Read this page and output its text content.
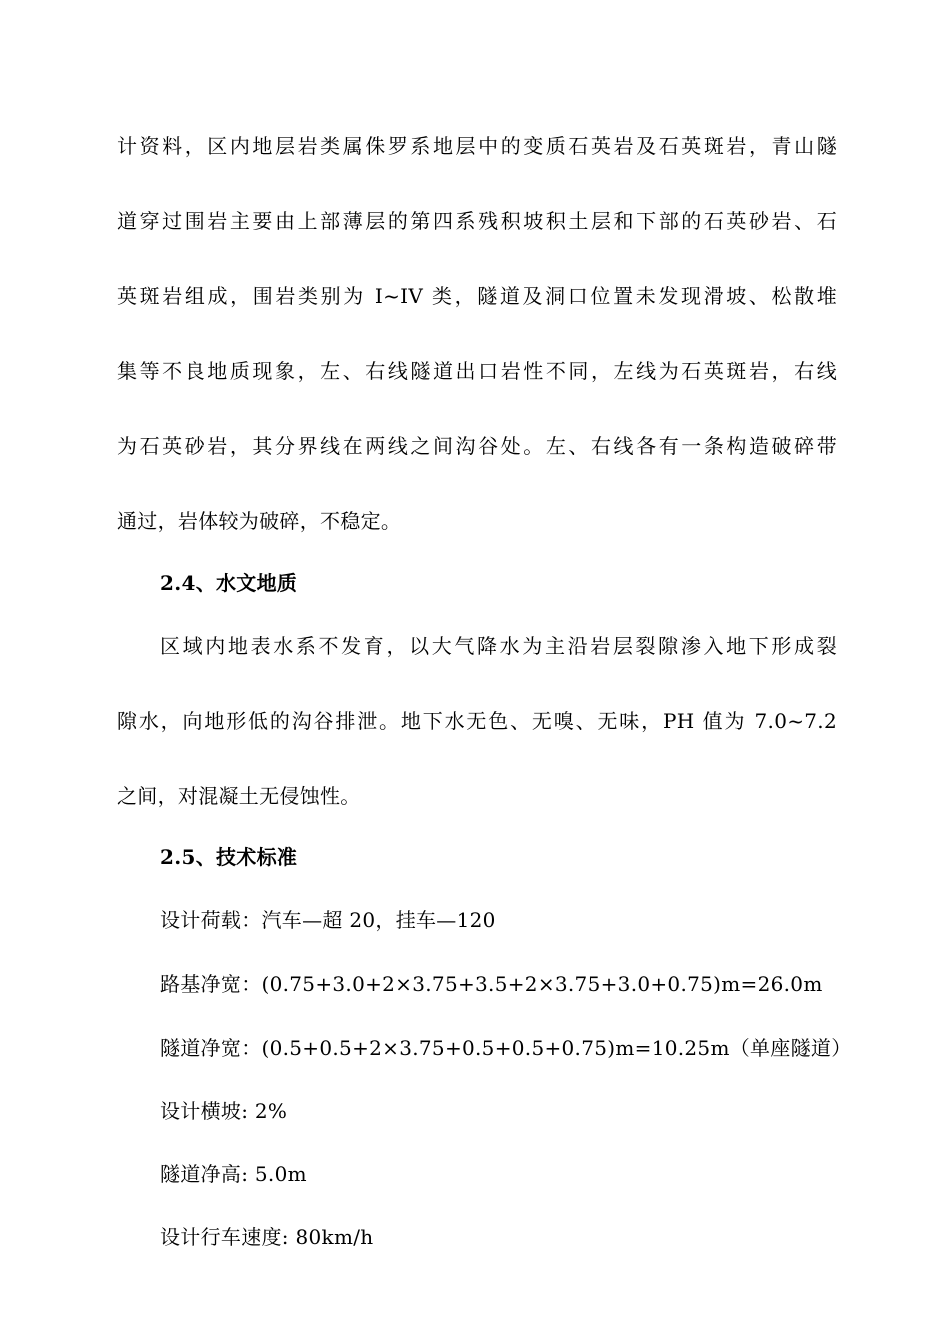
计资料，区内地层岩类属侏罗系地层中的变质石英岩及石英斑岩，青山隧
道穿过围岩主要由上部薄层的第四系残积坡积土层和下部的石英砂岩、石
英斑岩组成，围岩类别为 I~IV 类，隧道及洞口位置未发现滑坡、松散堆
集等不良地质现象，左、右线隧道出口岩性不同，左线为石英斑岩，右线
为石英砂岩，其分界线在两线之间沟谷处。左、右线各有一条构造破碎带
通过，岩体较为破碎，不稳定。
2.4、水文地质
区域内地表水系不发育，以大气降水为主沿岩层裂隙渗入地下形成裂
隙水，向地形低的沟谷排泄。地下水无色、无嗅、无味，PH 值为 7.0~7.2
之间，对混凝土无侵蚀性。
2.5、技术标准
设计荷载：汽车—超 20，挂车—120
路基净宽：(0.75+3.0+2×3.75+3.5+2×3.75+3.0+0.75)m=26.0m
隧道净宽：(0.5+0.5+2×3.75+0.5+0.5+0.75)m=10.25m（单座隧道）
设计横坡: 2%
隧道净高: 5.0m
设计行车速度: 80km/h
